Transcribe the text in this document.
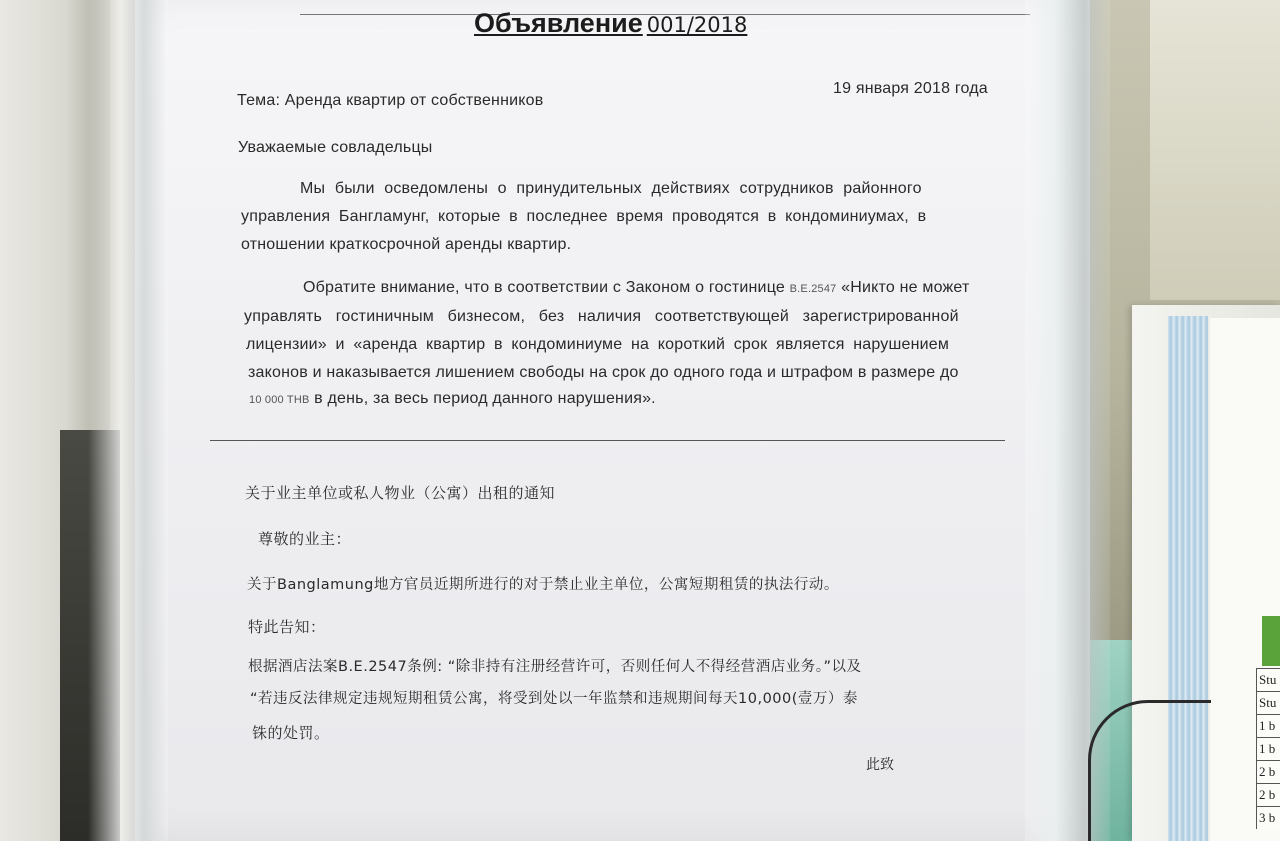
Объявление 001/2018
19 января 2018 года
Тема: Аренда квартир от собственников
Уважаемые совладельцы
Мы были осведомлены о принудительных действиях сотрудников районного
управления Бангламунг, которые в последнее время проводятся в кондоминиумах, в
отношении краткосрочной аренды квартир.
Обратите внимание, что в соответствии с Законом о гостинице B.E.2547 «Никто не может
управлять гостиничным бизнесом, без наличия соответствующей зарегистрированной
лицензии» и «аренда квартир в кондоминиуме на короткий срок является нарушением
законов и наказывается лишением свободы на срок до одного года и штрафом в размере до
10 000 THB в день, за весь период данного нарушения».
关于业主单位或私人物业（公寓）出租的通知
尊敬的业主：
关于Banglamung地方官员近期所进行的对于禁止业主单位，公寓短期租赁的执法行动。
特此告知：
根据酒店法案B.E.2547条例: “除非持有注册经营许可，否则任何人不得经营酒店业务。”以及
“若违反法律规定违规短期租赁公寓，将受到处以一年监禁和违规期间每天10,000(壹万）泰
铢的处罚。
此致
Stu
Stu
1 b
1 b
2 b
2 b
3 b
